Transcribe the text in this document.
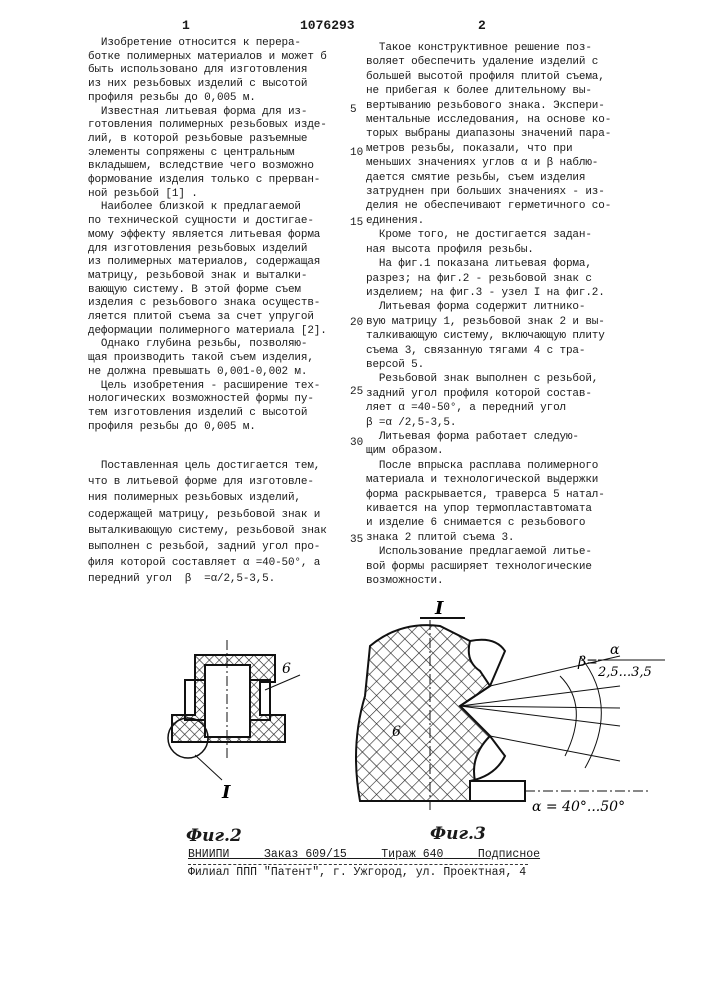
1	1076293	2
Изобретение относится к перера-
ботке полимерных материалов и может б
быть использовано для изготовления
из них резьбовых изделий с высотой
профиля резьбы до 0,005 м.
Известная литьевая форма для из-
готовления полимерных резьбовых изде-
лий, в которой резьбовые разъемные
элементы сопряжены с центральным
вкладышем, вследствие чего возможно
формование изделия только с прерван-
ной резьбой [1] .
Наиболее близкой к предлагаемой
по технической сущности и достигае-
мому эффекту является литьевая форма
для изготовления резьбовых изделий
из полимерных материалов, содержащая
матрицу, резьбовой знак и выталки-
вающую систему. В этой форме съем
изделия с резьбового знака осуществ-
ляется плитой съема за счет упругой
деформации полимерного материала [2].
Однако глубина резьбы, позволяю-
щая производить такой съем изделия,
не должна превышать 0,001-0,002 м.
Цель изобретения - расширение тех-
нологических возможностей формы пу-
тем изготовления изделий с высотой
профиля резьбы до 0,005 м.
Поставленная цель достигается тем,
что в литьевой форме для изготовле-
ния полимерных резьбовых изделий,
содержащей матрицу, резьбовой знак и
выталкивающую систему, резьбовой знак
выполнен с резьбой, задний угол про-
филя которой составляет α =40-50°, а
передний угол  β  =α/2,5-3,5.
Такое конструктивное решение поз-
воляет обеспечить удаление изделий с
большей высотой профиля плитой съема,
не прибегая к более длительному вы-
вертыванию резьбового знака. Экспери-
ментальные исследования, на основе ко-
торых выбраны диапазоны значений пара-
метров резьбы, показали, что при
меньших значениях углов α и β наблю-
дается смятие резьбы, съем изделия
затруднен при больших значениях - из-
делия не обеспечивают герметичного со-
единения.
Кроме того, не достигается задан-
ная высота профиля резьбы.
На фиг.1 показана литьевая форма,
разрез; на фиг.2 - резьбовой знак с
изделием; на фиг.3 - узел I на фиг.2.
Литьевая форма содержит литнико-
вую матрицу 1, резьбовой знак 2 и вы-
талкивающую систему, включающую плиту
съема 3, связанную тягами 4 с тра-
версой 5.
Резьбовой знак выполнен с резьбой,
задний угол профиля которой состав-
ляет α =40-50°, а передний угол
β =α /2,5-3,5.
Литьевая форма работает следую-
щим образом.
После впрыска расплава полимерного
материала и технологической выдержки
форма раскрывается, траверса 5 натал-
кивается на упор термопластавтомата
и изделие 6 снимается с резьбового
знака 2 плитой съема 3.
Использование предлагаемой литье-
вой формы расширяет технологические
возможности.
5
10
15
20
25
30
35
6
I
Фиг.2
I
6
β=
α
2,5...3,5
α = 40°...50°
Фиг.3
ВНИИПИ	Заказ 609/15	Тираж 640	Подписное
Филиал ППП "Патент", г. Ужгород, ул. Проектная, 4
